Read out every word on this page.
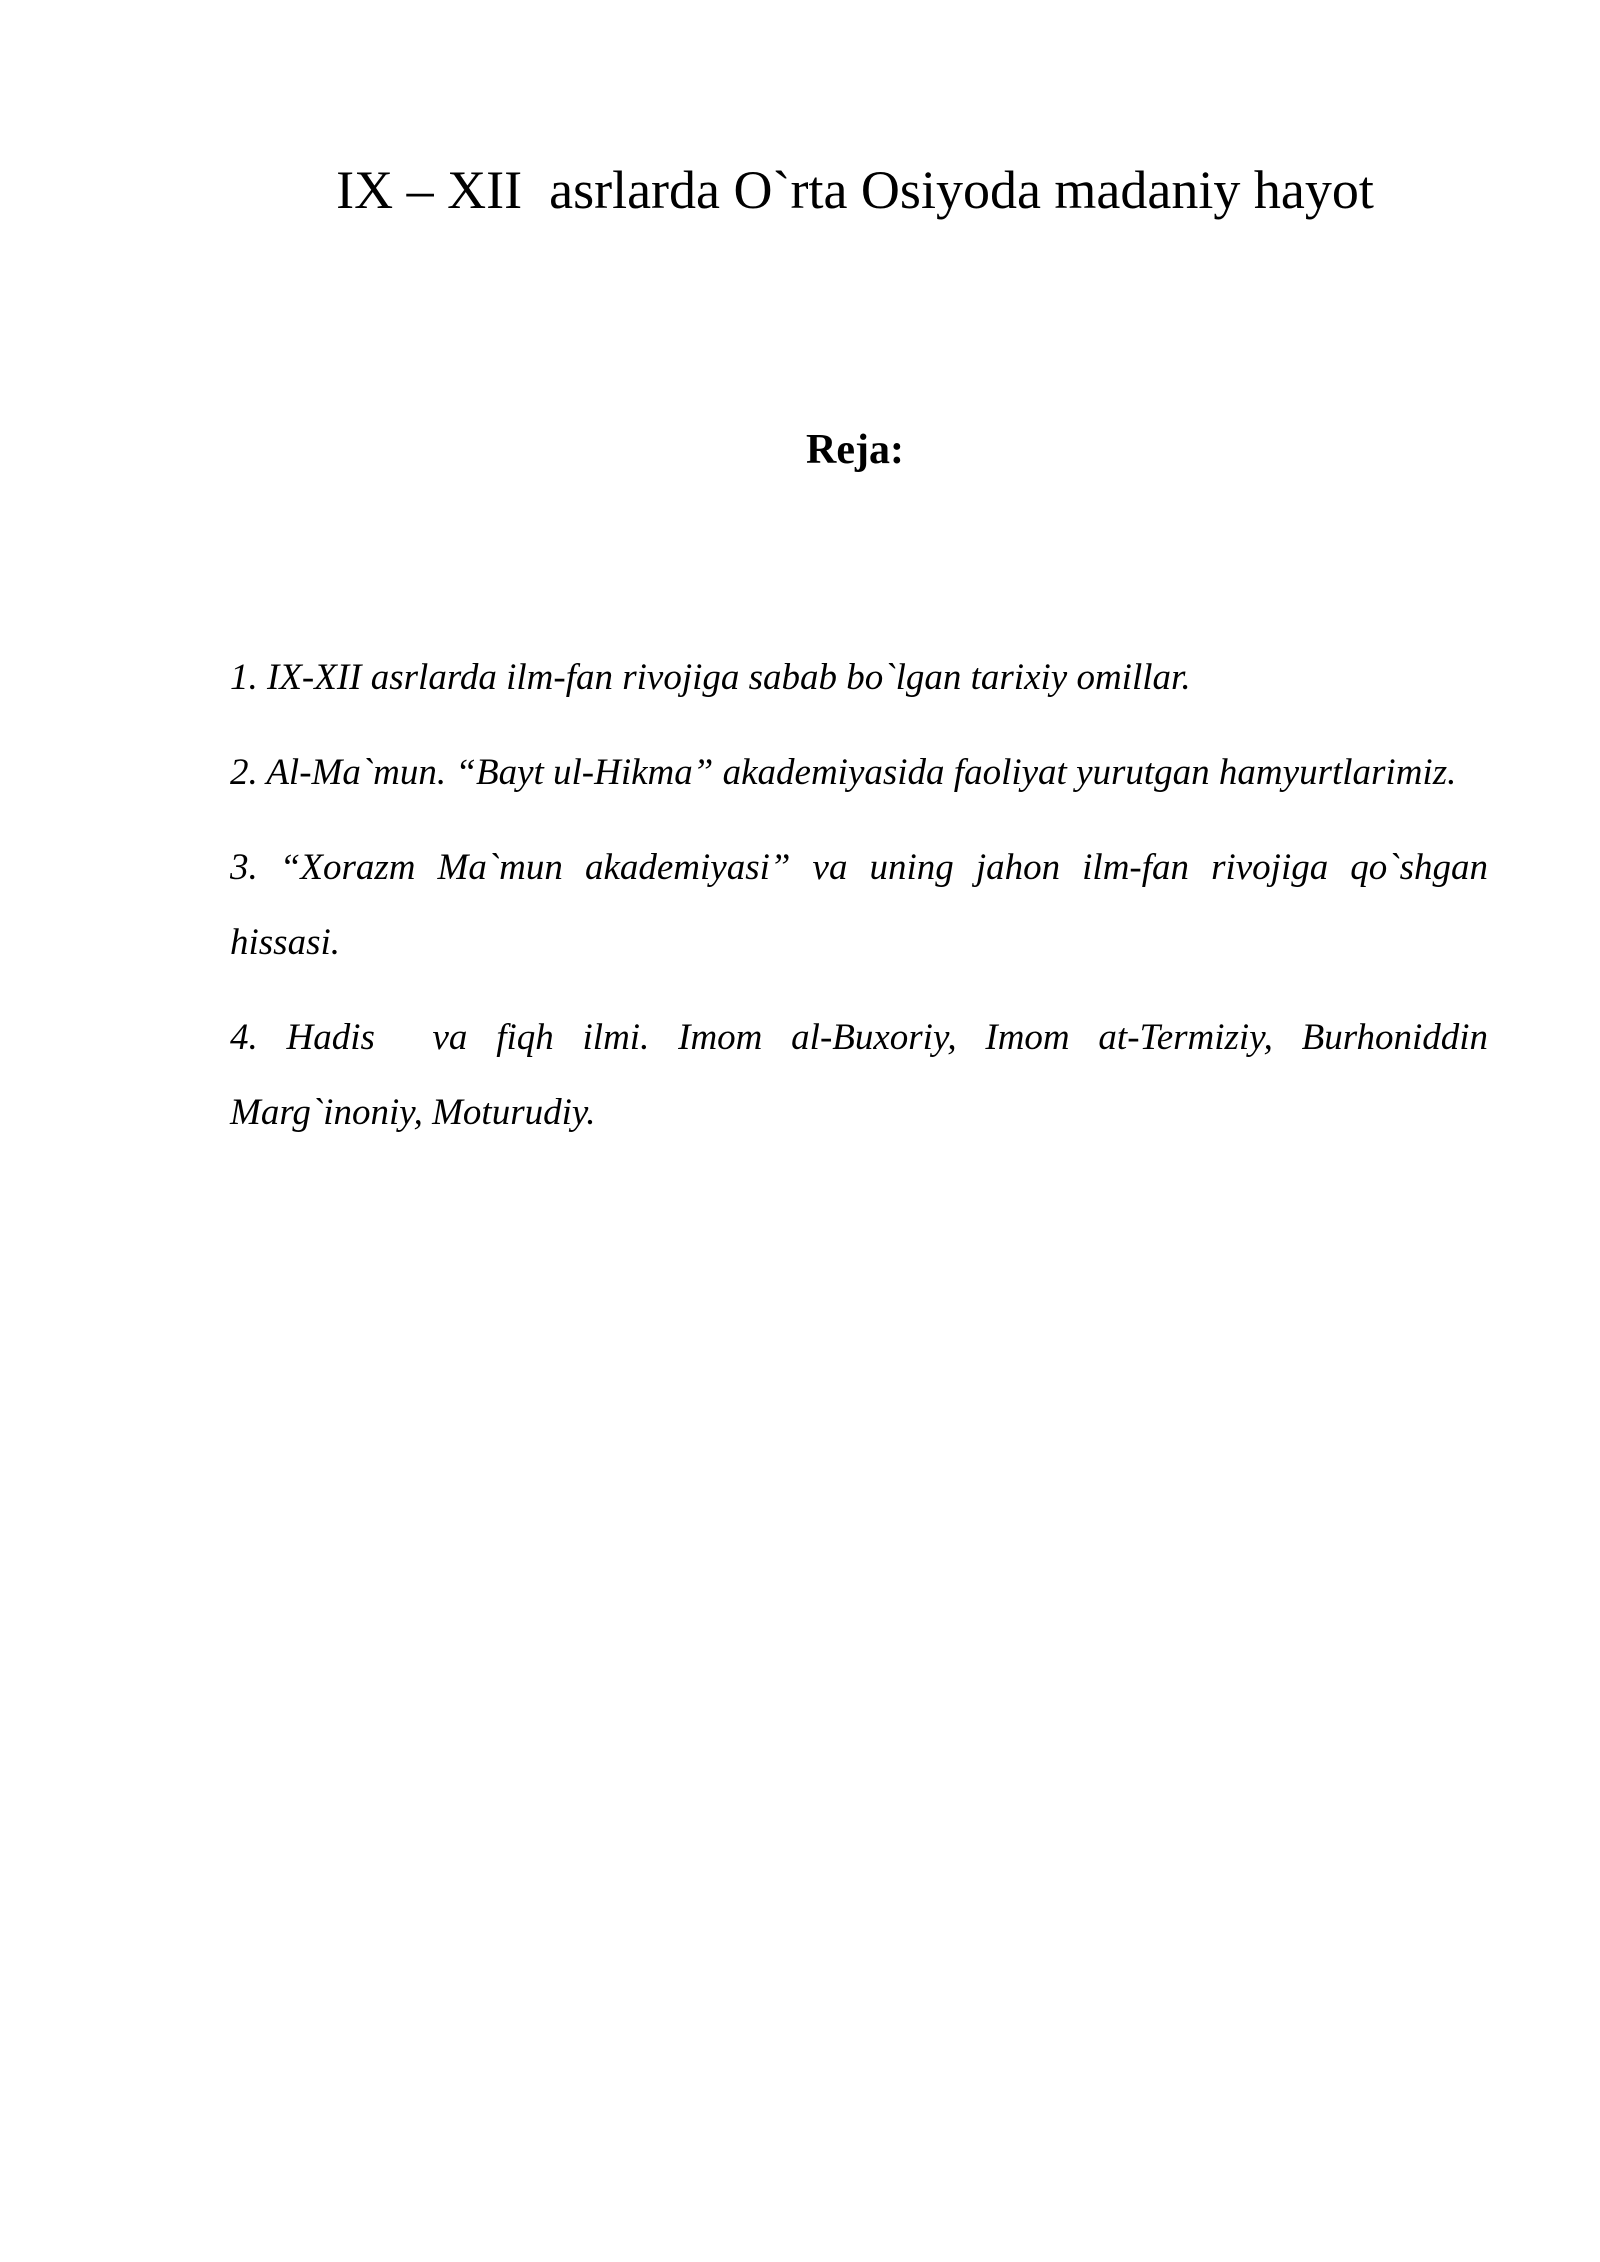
IX – XII  asrlarda O`rta Osiyoda madaniy hayot
Reja:
1. IX-XII asrlarda ilm-fan rivojiga sabab bo`lgan tarixiy omillar.
2. Al-Ma`mun. “Bayt ul-Hikma” akademiyasida faoliyat yurutgan hamyurtlarimiz.
3. “Xorazm Ma`mun akademiyasi” va uning jahon ilm-fan rivojiga qo`shgan hissasi.
4. Hadis  va fiqh ilmi. Imom al-Buxoriy, Imom at-Termiziy, Burhoniddin Marg`inoniy, Moturudiy.
